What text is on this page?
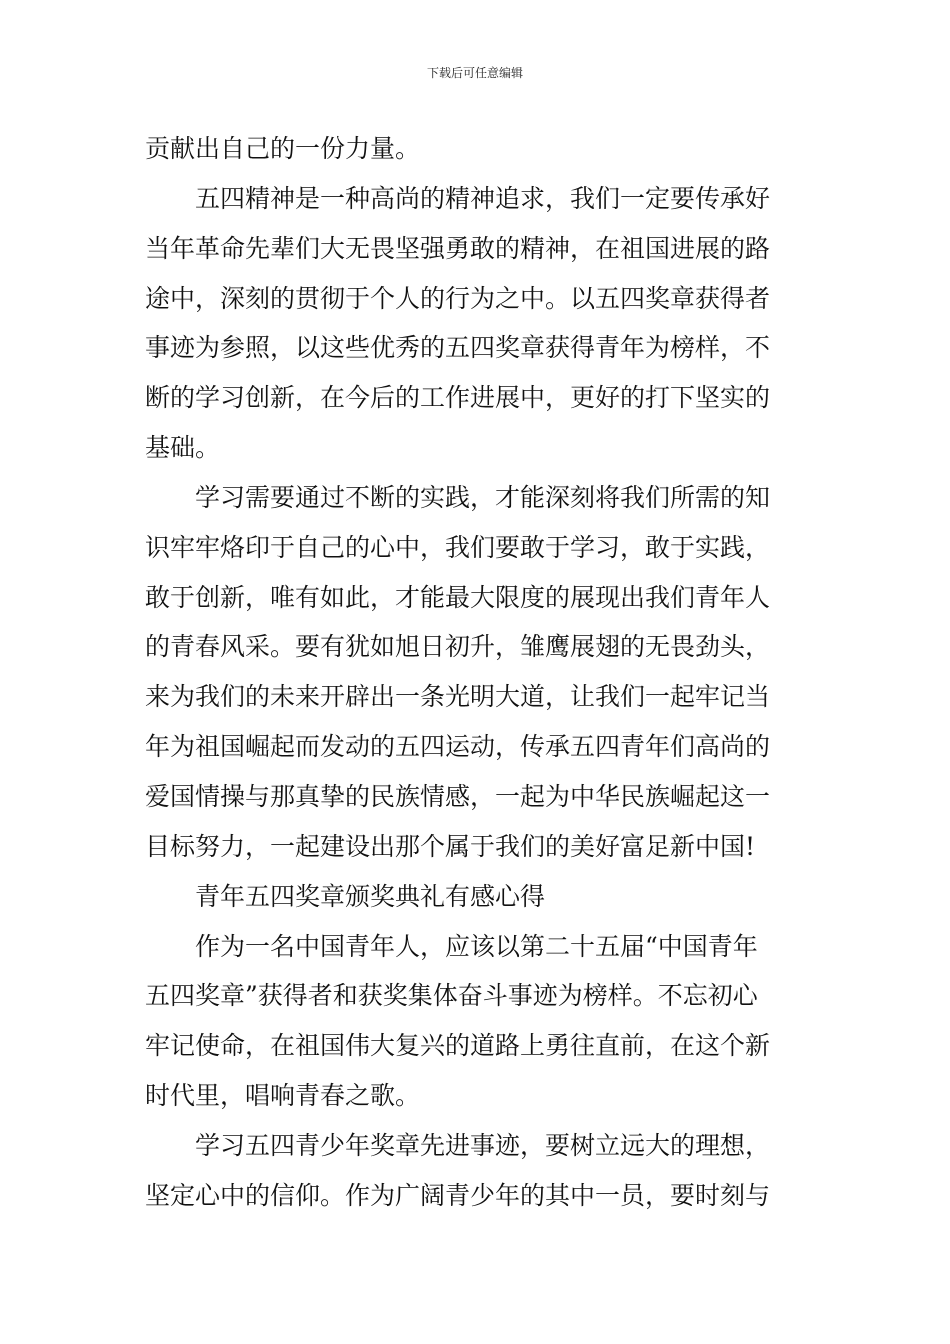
下载后可任意编辑
贡献出自己的一份力量。
五四精神是一种高尚的精神追求，我们一定要传承好
当年革命先辈们大无畏坚强勇敢的精神，在祖国进展的路
途中，深刻的贯彻于个人的行为之中。以五四奖章获得者
事迹为参照，以这些优秀的五四奖章获得青年为榜样，不
断的学习创新，在今后的工作进展中，更好的打下坚实的
基础。
学习需要通过不断的实践，才能深刻将我们所需的知
识牢牢烙印于自己的心中，我们要敢于学习，敢于实践，
敢于创新，唯有如此，才能最大限度的展现出我们青年人
的青春风采。要有犹如旭日初升，雏鹰展翅的无畏劲头，
来为我们的未来开辟出一条光明大道，让我们一起牢记当
年为祖国崛起而发动的五四运动，传承五四青年们高尚的
爱国情操与那真挚的民族情感，一起为中华民族崛起这一
目标努力，一起建设出那个属于我们的美好富足新中国!
青年五四奖章颁奖典礼有感心得
作为一名中国青年人，应该以第二十五届“中国青年
五四奖章”获得者和获奖集体奋斗事迹为榜样。不忘初心
牢记使命，在祖国伟大复兴的道路上勇往直前，在这个新
时代里，唱响青春之歌。
学习五四青少年奖章先进事迹，要树立远大的理想，
坚定心中的信仰。作为广阔青少年的其中一员，要时刻与
